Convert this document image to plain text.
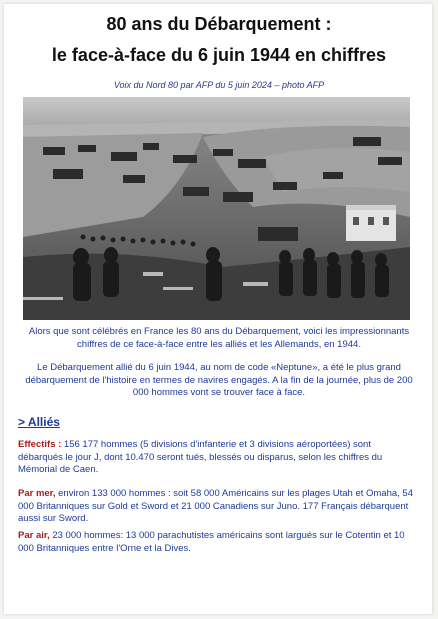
80 ans du Débarquement :
le face-à-face du 6 juin 1944 en chiffres
Voix du Nord 80 par AFP du 5 juin 2024 – photo AFP

Alors que sont célébrés en France les 80 ans du Débarquement, voici les impressionnants chiffres de ce face-à-face entre les alliés et les Allemands, en 1944.

Le Débarquement allié du 6 juin 1944, au nom de code «Neptune», a été le plus grand débarquement de l'histoire en termes de navires engagés. A la fin de la journée, plus de 200 000 hommes vont se trouver face à face.

> Alliés

Effectifs : 156 177 hommes (5 divisions d'infanterie et 3 divisions aéroportées) sont débarqués le jour J, dont 10.470 seront tués, blessés ou disparus, selon les chiffres du Mémorial de Caen.

Par mer, environ 133 000 hommes : soit 58 000 Américains sur les plages Utah et Omaha, 54 000 Britanniques sur Gold et Sword et 21 000 Canadiens sur Juno. 177 Français débarquent aussi sur Sword.

Par air, 23 000 hommes: 13 000 parachutistes américains sont largués sur le Cotentin et 10 000 Britanniques entre l'Orne et la Dives.
